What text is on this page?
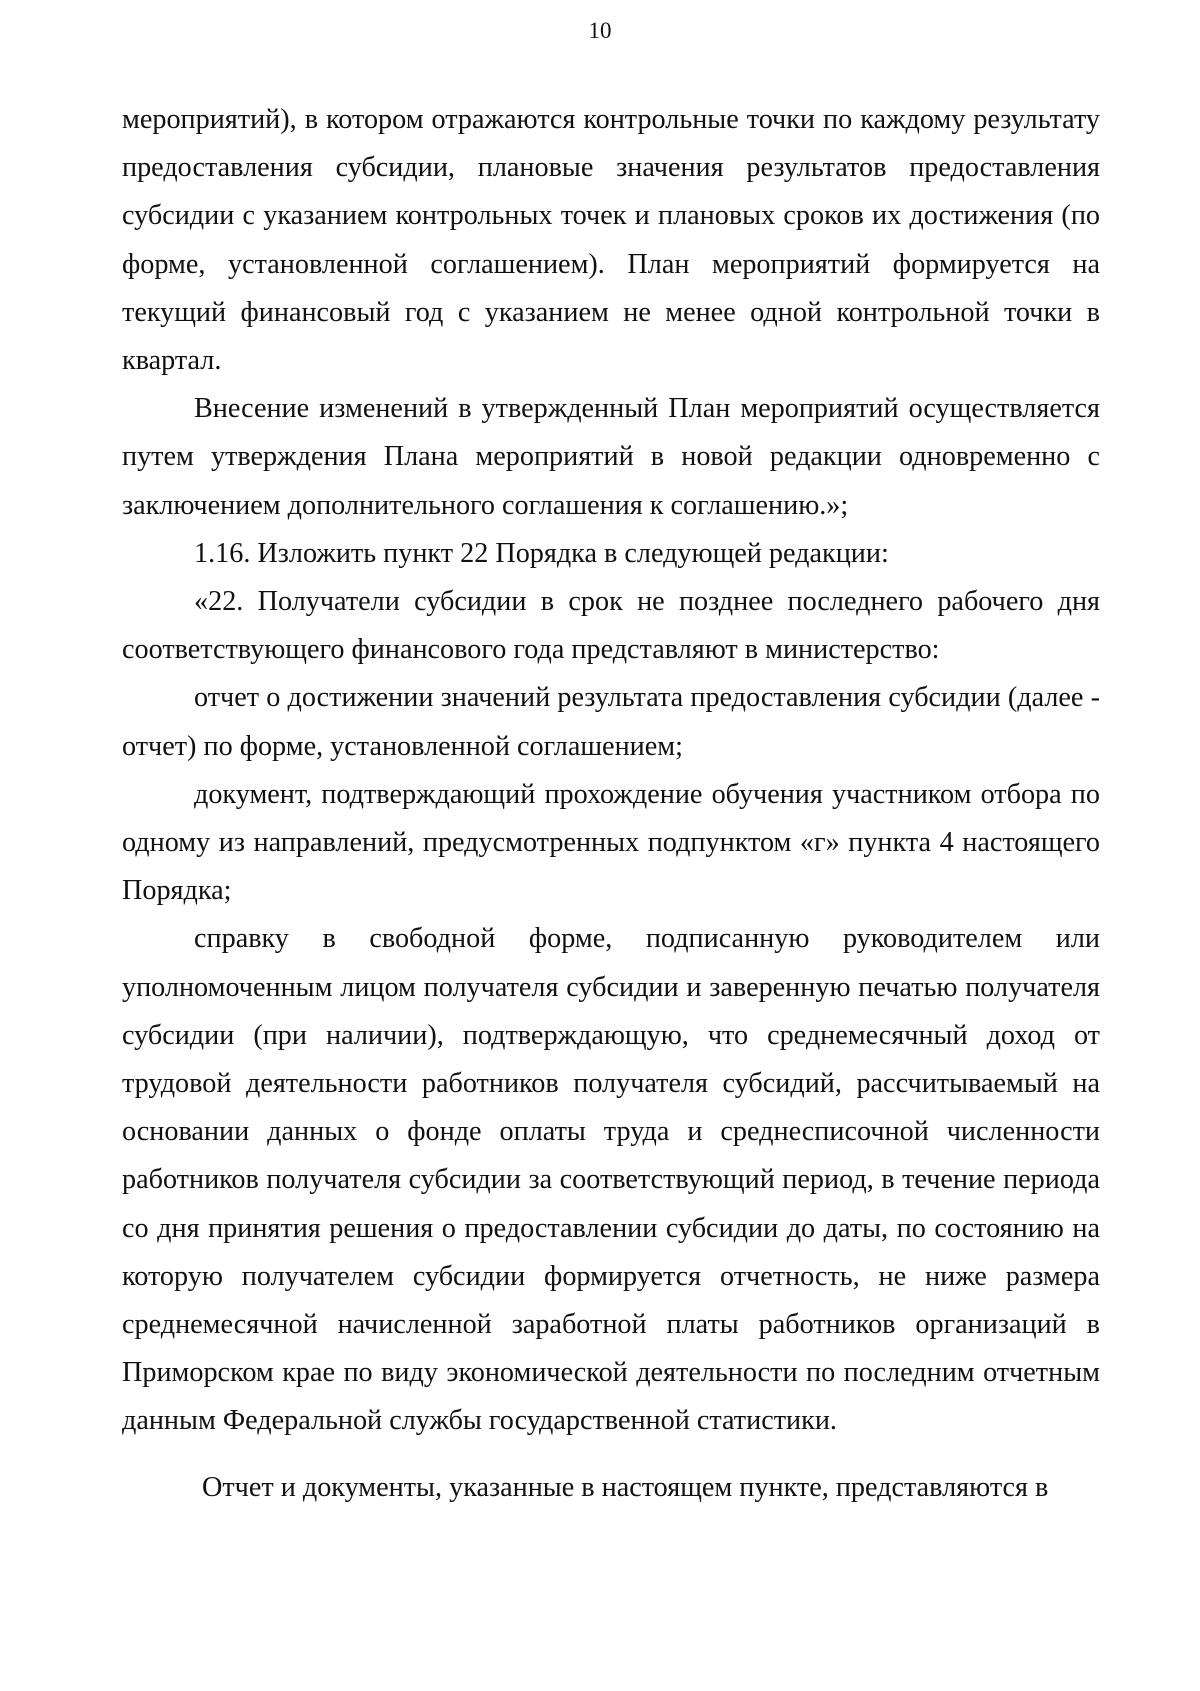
10

мероприятий), в котором отражаются контрольные точки по каждому результату предоставления субсидии, плановые значения результатов предоставления субсидии с указанием контрольных точек и плановых сроков их достижения (по форме, установленной соглашением). План мероприятий формируется на текущий финансовый год с указанием не менее одной контрольной точки в квартал.

Внесение изменений в утвержденный План мероприятий осуществляется путем утверждения Плана мероприятий в новой редакции одновременно с заключением дополнительного соглашения к соглашению.»;

1.16. Изложить пункт 22 Порядка в следующей редакции:

«22. Получатели субсидии в срок не позднее последнего рабочего дня соответствующего финансового года представляют в министерство:

отчет о достижении значений результата предоставления субсидии (далее - отчет) по форме, установленной соглашением;

документ, подтверждающий прохождение обучения участником отбора по одному из направлений, предусмотренных подпунктом «г» пункта 4 настоящего Порядка;

справку в свободной форме, подписанную руководителем или уполномоченным лицом получателя субсидии и заверенную печатью получателя субсидии (при наличии), подтверждающую, что среднемесячный доход от трудовой деятельности работников получателя субсидий, рассчитываемый на основании данных о фонде оплаты труда и среднесписочной численности работников получателя субсидии за соответствующий период, в течение периода со дня принятия решения о предоставлении субсидии до даты, по состоянию на которую получателем субсидии формируется отчетность, не ниже размера среднемесячной начисленной заработной платы работников организаций в Приморском крае по виду экономической деятельности по последним отчетным данным Федеральной службы государственной статистики.

Отчет и документы, указанные в настоящем пункте, представляются в
